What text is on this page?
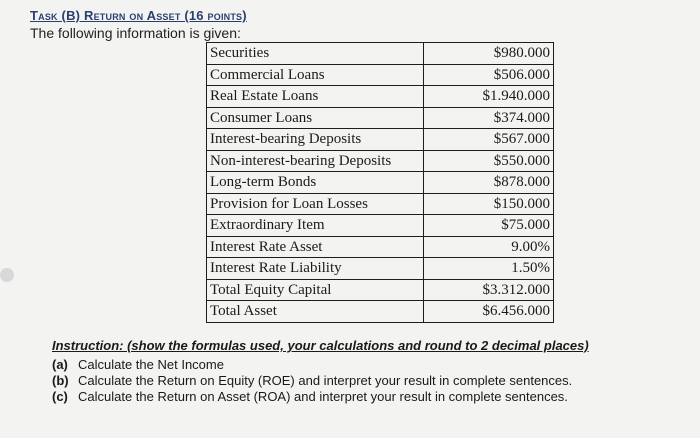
Task (B) Return on Asset (16 points)
The following information is given:
Securities	$980.000
Commercial Loans	$506.000
Real Estate Loans	$1.940.000
Consumer Loans	$374.000
Interest-bearing Deposits	$567.000
Non-interest-bearing Deposits	$550.000
Long-term Bonds	$878.000
Provision for Loan Losses	$150.000
Extraordinary Item	$75.000
Interest Rate Asset	9.00%
Interest Rate Liability	1.50%
Total Equity Capital	$3.312.000
Total Asset	$6.456.000
Instruction: (show the formulas used, your calculations and round to 2 decimal places)
(a) Calculate the Net Income
(b) Calculate the Return on Equity (ROE) and interpret your result in complete sentences.
(c) Calculate the Return on Asset (ROA) and interpret your result in complete sentences.
